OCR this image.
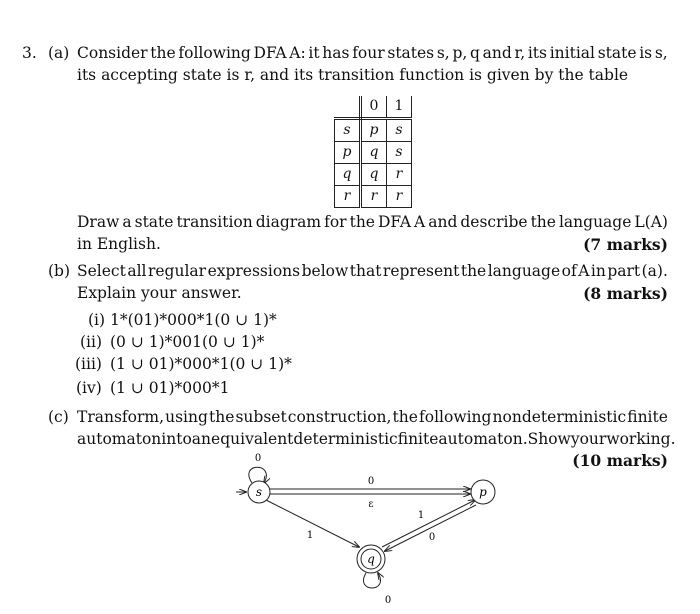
3. (a) Consider the following DFA A: it has four states s, p, q and r, its initial state is s,
its accepting state is r, and its transition function is given by the table
	0	1
s	p	s
p	q	s
q	q	r
r	r	r
Draw a state transition diagram for the DFA A and describe the language L(A)
in English.	(7 marks)
(b) Select all regular expressions below that represent the language of A in part (a).
Explain your answer.	(8 marks)
(i) 1*(01)*000*1(0 ∪ 1)*
(ii) (0 ∪ 1)*001(0 ∪ 1)*
(iii) (1 ∪ 01)*000*1(0 ∪ 1)*
(iv) (1 ∪ 01)*000*1
(c) Transform, using the subset construction, the following nondeterministic finite
automaton into an equivalent deterministic finite automaton. Show your working.
(10 marks)
0
0
ε
1
1
0
0
s	p
q
